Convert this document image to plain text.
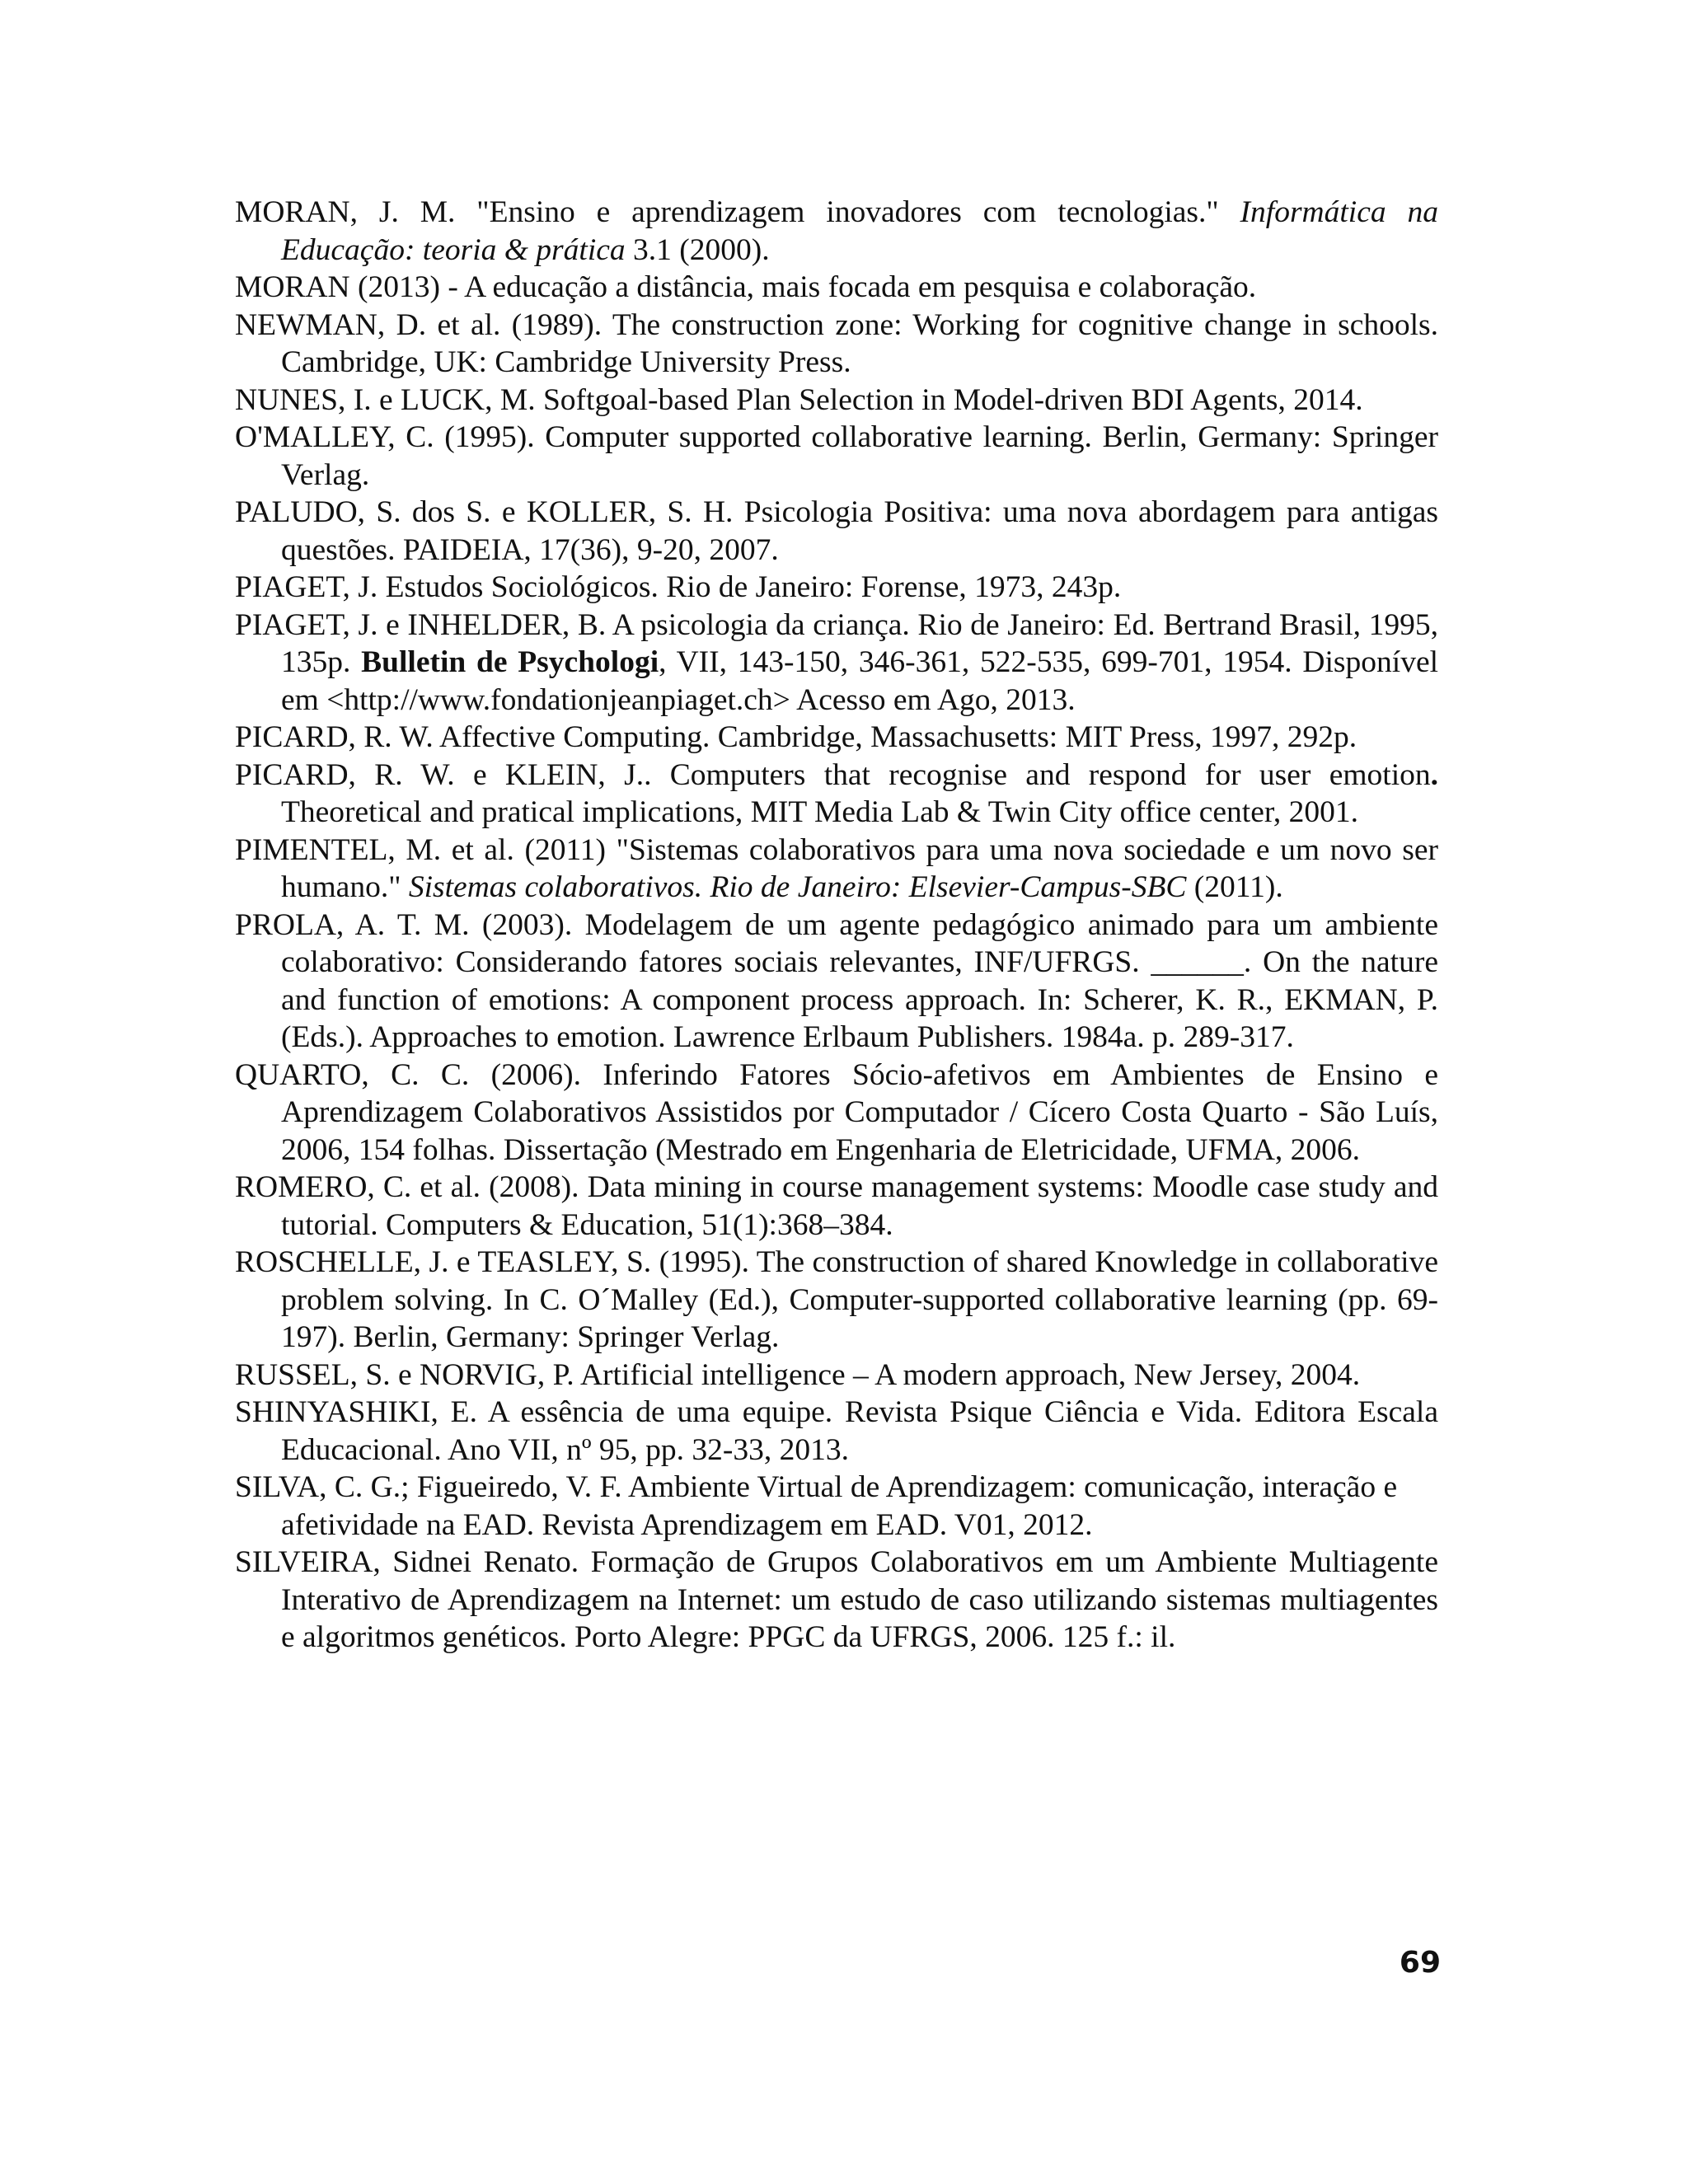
MORAN, J. M. "Ensino e aprendizagem inovadores com tecnologias." Informática na Educação: teoria & prática 3.1 (2000).

MORAN (2013) - A educação a distância, mais focada em pesquisa e colaboração.

NEWMAN, D. et al. (1989). The construction zone: Working for cognitive change in schools. Cambridge, UK: Cambridge University Press.

NUNES, I. e LUCK, M. Softgoal-based Plan Selection in Model-driven BDI Agents, 2014.

O'MALLEY, C. (1995). Computer supported collaborative learning. Berlin, Germany: Springer Verlag.

PALUDO, S. dos S. e KOLLER, S. H. Psicologia Positiva: uma nova abordagem para antigas questões. PAIDEIA, 17(36), 9-20, 2007.

PIAGET, J. Estudos Sociológicos. Rio de Janeiro: Forense, 1973, 243p.

PIAGET, J. e INHELDER, B. A psicologia da criança. Rio de Janeiro: Ed. Bertrand Brasil, 1995, 135p. Bulletin de Psychologi, VII, 143-150, 346-361, 522-535, 699-701, 1954. Disponível em <http://www.fondationjeanpiaget.ch> Acesso em Ago, 2013.

PICARD, R. W. Affective Computing. Cambridge, Massachusetts: MIT Press, 1997, 292p.

PICARD, R. W. e KLEIN, J.. Computers that recognise and respond for user emotion. Theoretical and pratical implications, MIT Media Lab & Twin City office center, 2001.

PIMENTEL, M. et al. (2011) "Sistemas colaborativos para uma nova sociedade e um novo ser humano." Sistemas colaborativos. Rio de Janeiro: Elsevier-Campus-SBC (2011).

PROLA, A. T. M. (2003). Modelagem de um agente pedagógico animado para um ambiente colaborativo: Considerando fatores sociais relevantes, INF/UFRGS. ______. On the nature and function of emotions: A component process approach. In: Scherer, K. R., EKMAN, P. (Eds.). Approaches to emotion. Lawrence Erlbaum Publishers. 1984a. p. 289-317.

QUARTO, C. C. (2006). Inferindo Fatores Sócio-afetivos em Ambientes de Ensino e Aprendizagem Colaborativos Assistidos por Computador / Cícero Costa Quarto - São Luís, 2006, 154 folhas. Dissertação (Mestrado em Engenharia de Eletricidade, UFMA, 2006.

ROMERO, C. et al. (2008). Data mining in course management systems: Moodle case study and tutorial. Computers & Education, 51(1):368–384.

ROSCHELLE, J. e TEASLEY, S. (1995). The construction of shared Knowledge in collaborative problem solving. In C. O´Malley (Ed.), Computer-supported collaborative learning (pp. 69-197). Berlin, Germany: Springer Verlag.

RUSSEL, S. e NORVIG, P. Artificial intelligence – A modern approach, New Jersey, 2004.

SHINYASHIKI, E. A essência de uma equipe. Revista Psique Ciência e Vida. Editora Escala Educacional. Ano VII, nº 95, pp. 32-33, 2013.

SILVA, C. G.; Figueiredo, V. F. Ambiente Virtual de Aprendizagem: comunicação, interação e afetividade na EAD. Revista Aprendizagem em EAD. V01, 2012.

SILVEIRA, Sidnei Renato. Formação de Grupos Colaborativos em um Ambiente Multiagente Interativo de Aprendizagem na Internet: um estudo de caso utilizando sistemas multiagentes e algoritmos genéticos. Porto Alegre: PPGC da UFRGS, 2006. 125 f.: il.

69
